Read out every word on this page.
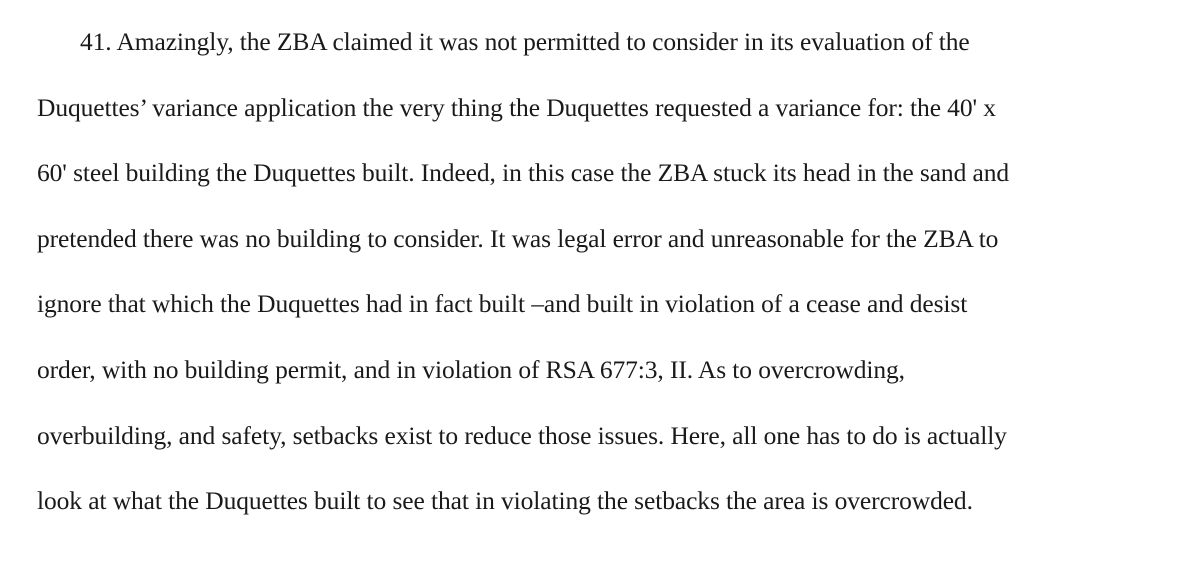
41. Amazingly, the ZBA claimed it was not permitted to consider in its evaluation of the
Duquettes’ variance application the very thing the Duquettes requested a variance for: the 40' x
60' steel building the Duquettes built. Indeed, in this case the ZBA stuck its head in the sand and
pretended there was no building to consider. It was legal error and unreasonable for the ZBA to
ignore that which the Duquettes had in fact built –and built in violation of a cease and desist
order, with no building permit, and in violation of RSA 677:3, II. As to overcrowding,
overbuilding, and safety, setbacks exist to reduce those issues. Here, all one has to do is actually
look at what the Duquettes built to see that in violating the setbacks the area is overcrowded.
